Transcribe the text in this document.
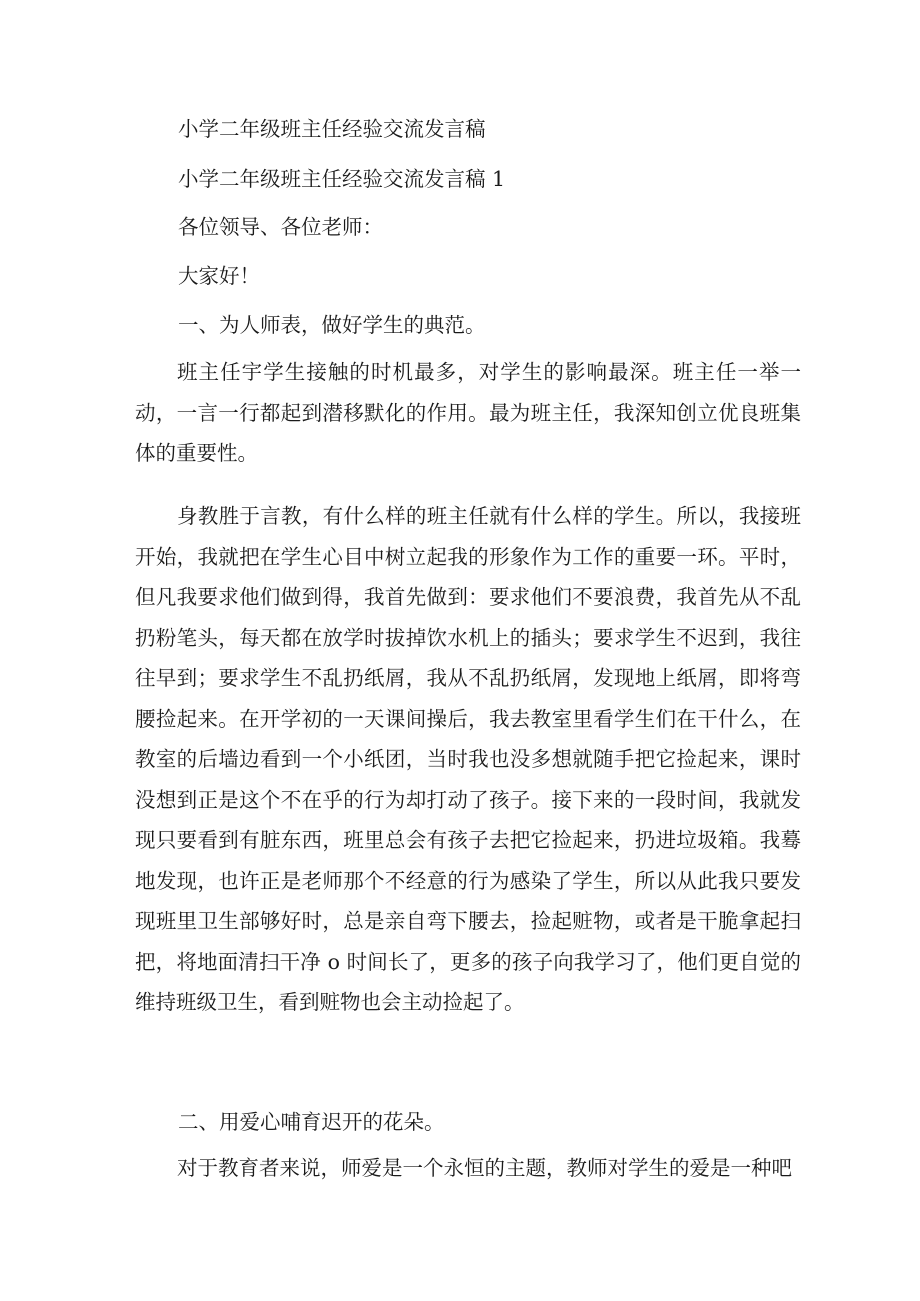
小学二年级班主任经验交流发言稿

小学二年级班主任经验交流发言稿 1

各位领导、各位老师：

大家好！

一、为人师表，做好学生的典范。

班主任宇学生接触的时机最多，对学生的影响最深。班主任一举一动，一言一行都起到潜移默化的作用。最为班主任，我深知创立优良班集体的重要性。

身教胜于言教，有什么样的班主任就有什么样的学生。所以，我接班开始，我就把在学生心目中树立起我的形象作为工作的重要一环。平时，但凡我要求他们做到得，我首先做到：要求他们不要浪费，我首先从不乱扔粉笔头，每天都在放学时拔掉饮水机上的插头；要求学生不迟到，我往往早到；要求学生不乱扔纸屑，我从不乱扔纸屑，发现地上纸屑，即将弯腰捡起来。在开学初的一天课间操后，我去教室里看学生们在干什么，在教室的后墙边看到一个小纸团，当时我也没多想就随手把它捡起来，课时没想到正是这个不在乎的行为却打动了孩子。接下来的一段时间，我就发现只要看到有脏东西，班里总会有孩子去把它捡起来，扔进垃圾箱。我蓦地发现，也许正是老师那个不经意的行为感染了学生，所以从此我只要发现班里卫生部够好时，总是亲自弯下腰去，捡起赃物，或者是干脆拿起扫把，将地面清扫干净 o 时间长了，更多的孩子向我学习了，他们更自觉的维持班级卫生，看到赃物也会主动捡起了。

二、用爱心哺育迟开的花朵。

对于教育者来说，师爱是一个永恒的主题，教师对学生的爱是一种吧
